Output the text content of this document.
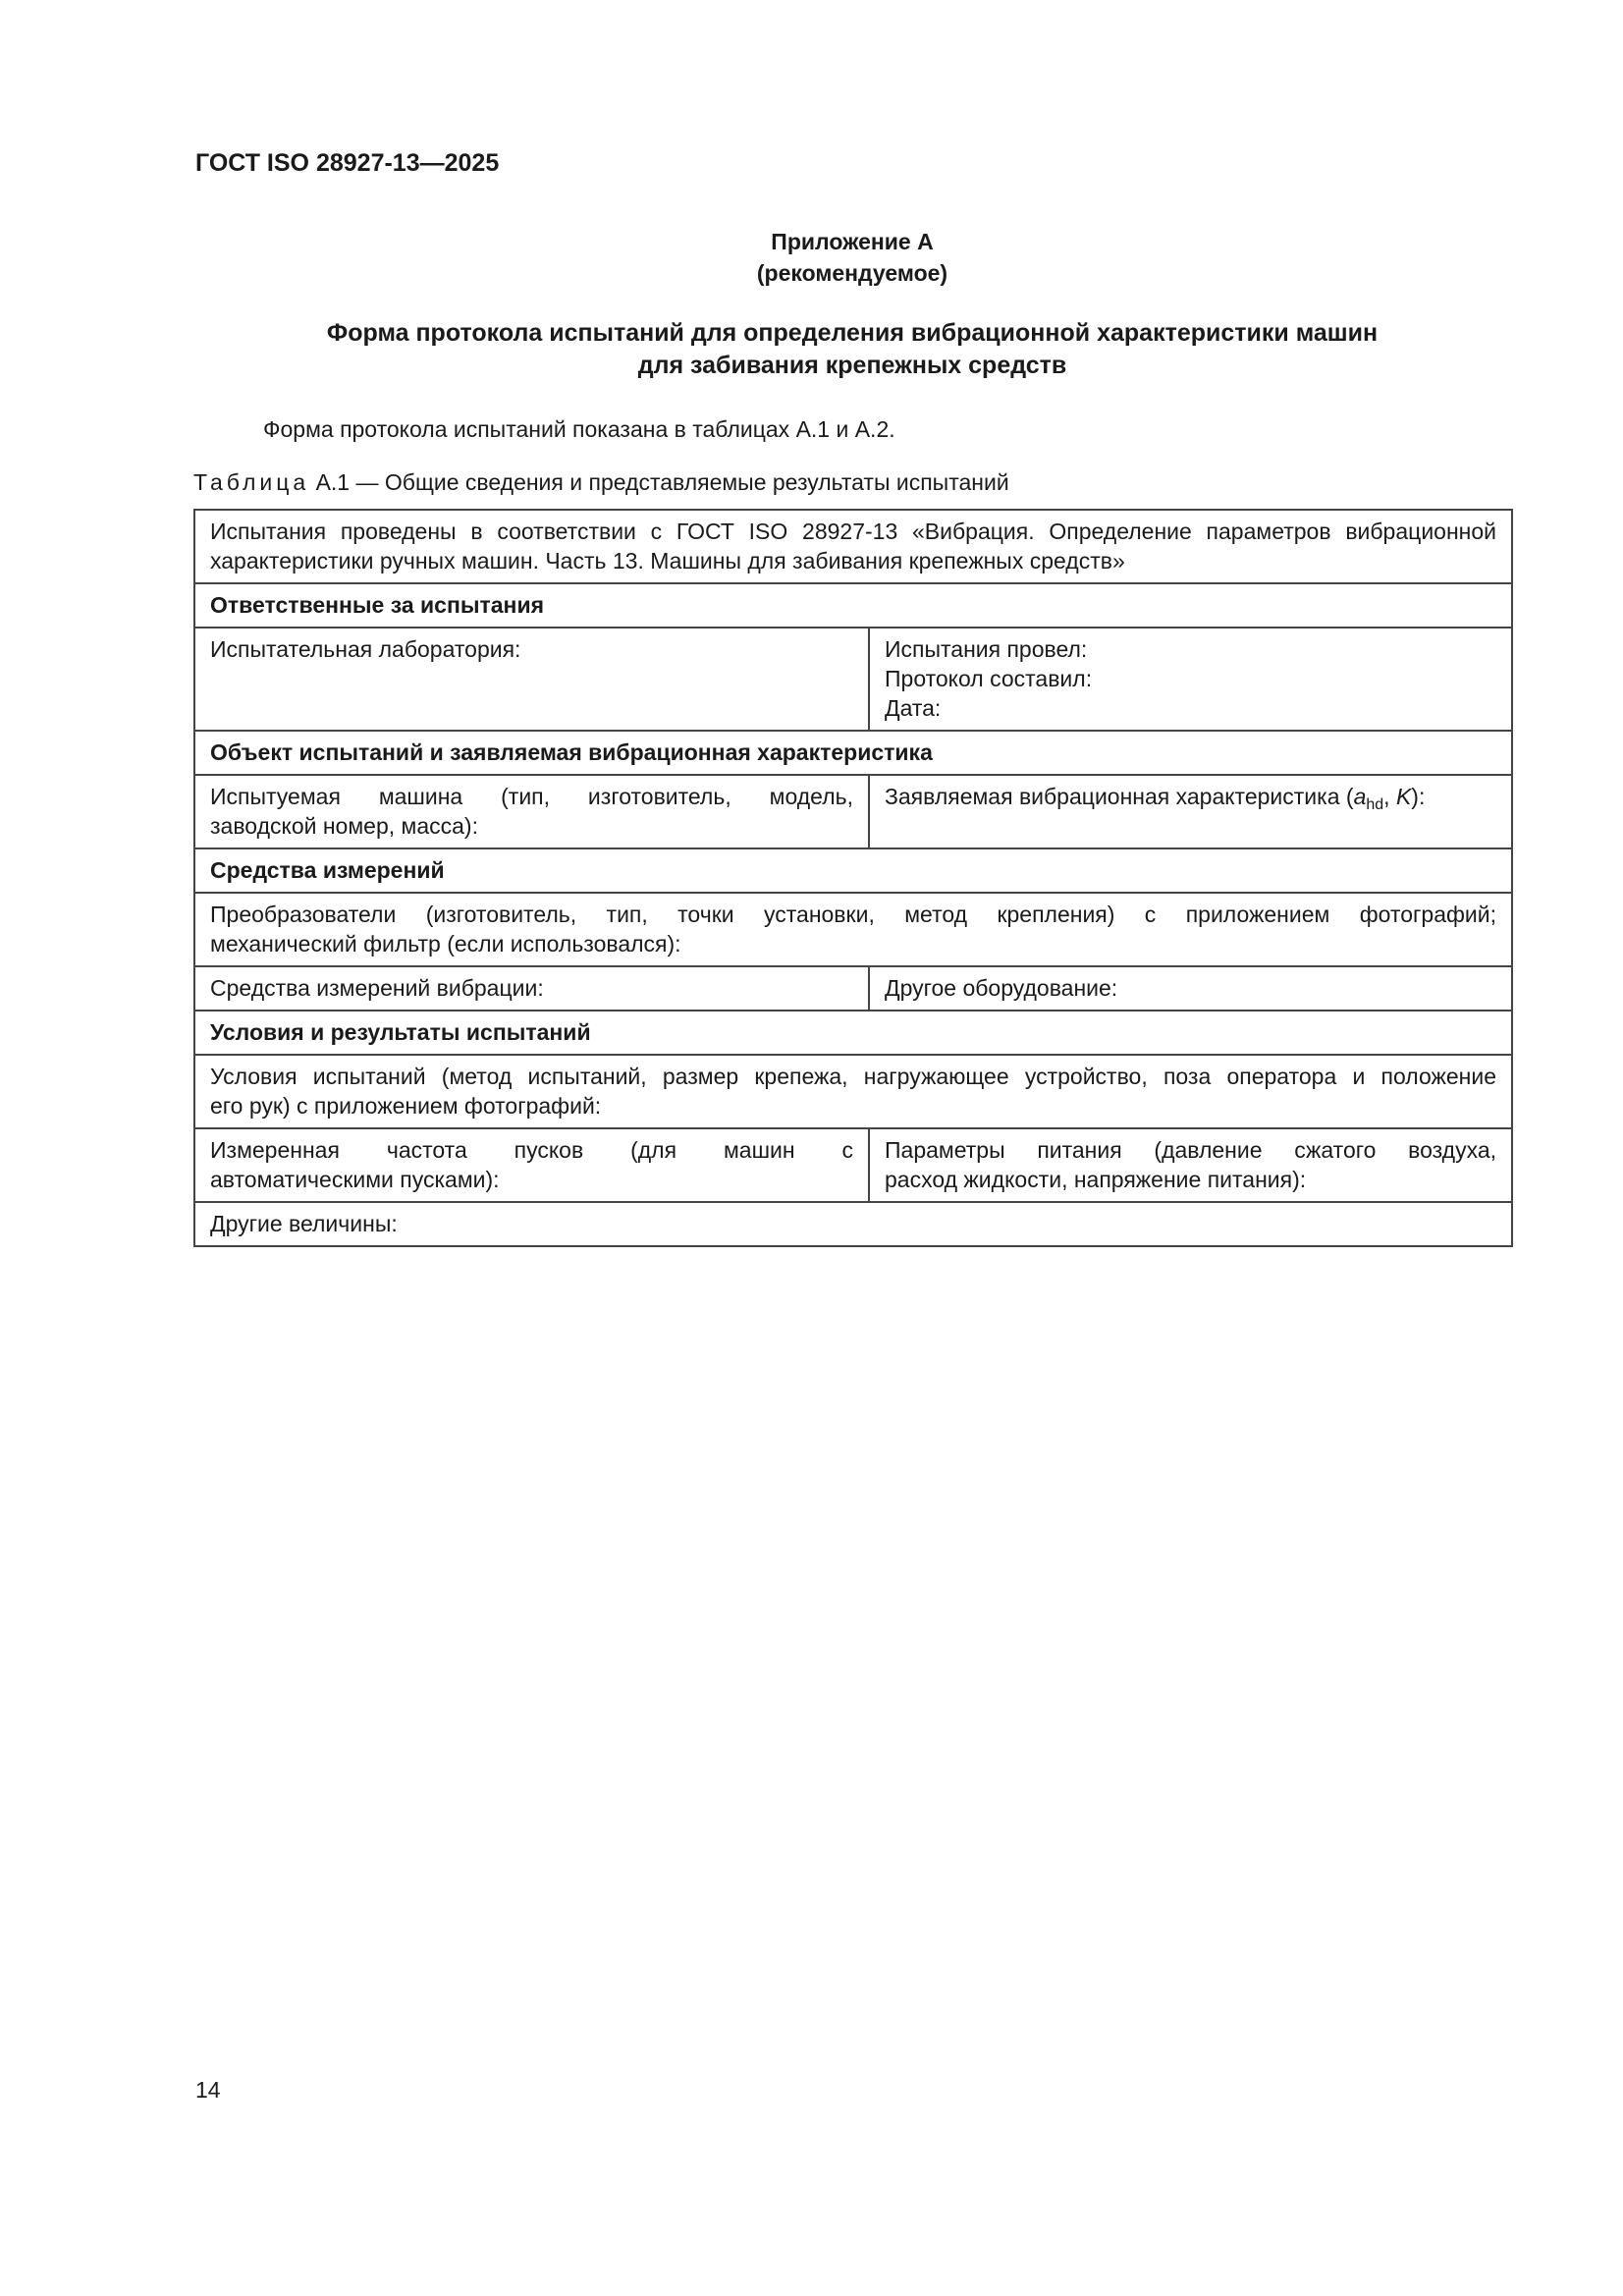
ГОСТ ISO 28927-13—2025
Приложение А
(рекомендуемое)
Форма протокола испытаний для определения вибрационной характеристики машин
для забивания крепежных средств
Форма протокола испытаний показана в таблицах А.1 и А.2.
Таблица А.1 — Общие сведения и представляемые результаты испытаний
Испытания проведены в соответствии с ГОСТ ISO 28927-13 «Вибрация. Определение параметров вибрационной характеристики ручных машин. Часть 13. Машины для забивания крепежных средств»	
Ответственные за испытания	
Испытательная лаборатория:	Испытания провел:
Протокол составил:
Дата:

Объект испытаний и заявляемая вибрационная характеристика	

Испытуемая машина (тип, изготовитель, модель,
заводской номер, масса):	Заявляемая вибрационная характеристика ($a_{hd}$, K):
Средства измерений	

Преобразователи (изготовитель, тип, точки установки, метод крепления) с приложением фотографий;
механический фильтр (если использовался):	

Средства измерений вибрации:	Другое оборудование:
Условия и результаты испытаний	

Условия испытаний (метод испытаний, размер крепежа, нагружающее устройство, поза оператора и положение
его рук) с приложением фотографий:	

Измеренная частота пусков (для машин с
автоматическими пусками):	Параметры питания (давление сжатого воздуха,
расход жидкости, напряжение питания):

Другие величины:	
14
